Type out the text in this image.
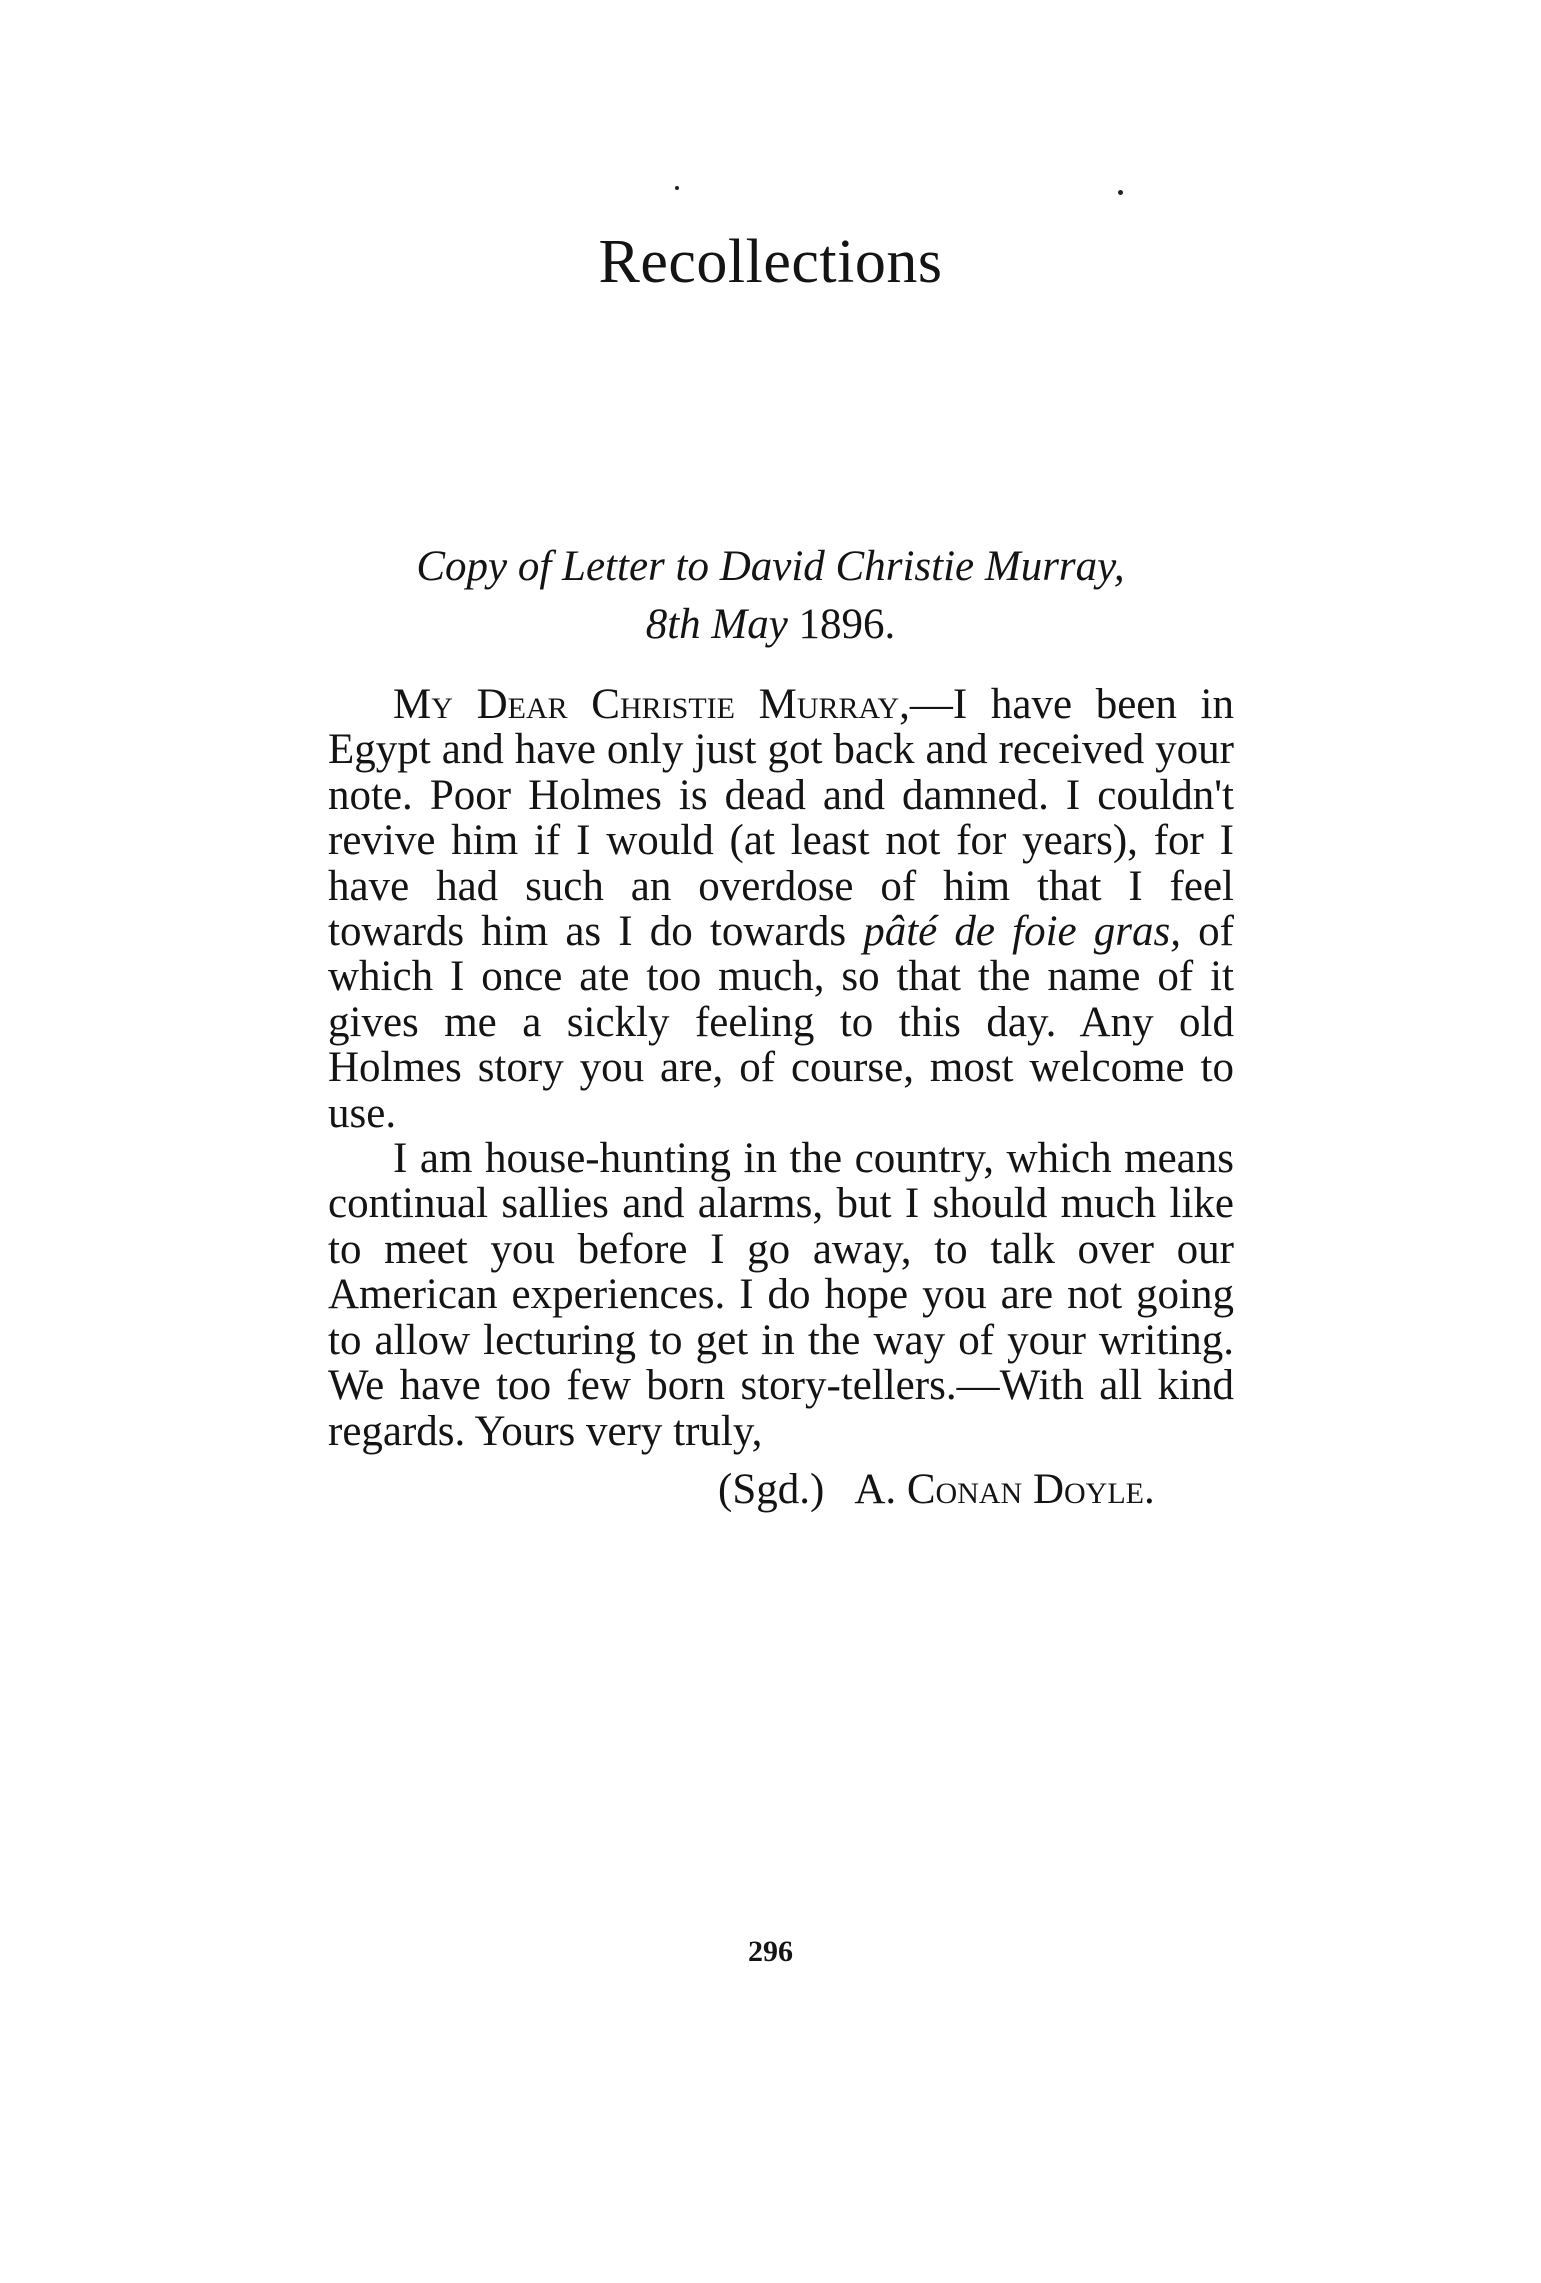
Recollections
Copy of Letter to David Christie Murray,
8th May 1896.

My Dear Christie Murray,—I have been in Egypt and have only just got back and received your note. Poor Holmes is dead and damned. I couldn't revive him if I would (at least not for years), for I have had such an overdose of him that I feel towards him as I do towards pâté de foie gras, of which I once ate too much, so that the name of it gives me a sickly feeling to this day. Any old Holmes story you are, of course, most welcome to use.

I am house-hunting in the country, which means continual sallies and alarms, but I should much like to meet you before I go away, to talk over our American experiences. I do hope you are not going to allow lecturing to get in the way of your writing. We have too few born story-tellers.—With all kind regards. Yours very truly,

(Sgd.) A. Conan Doyle.
296
